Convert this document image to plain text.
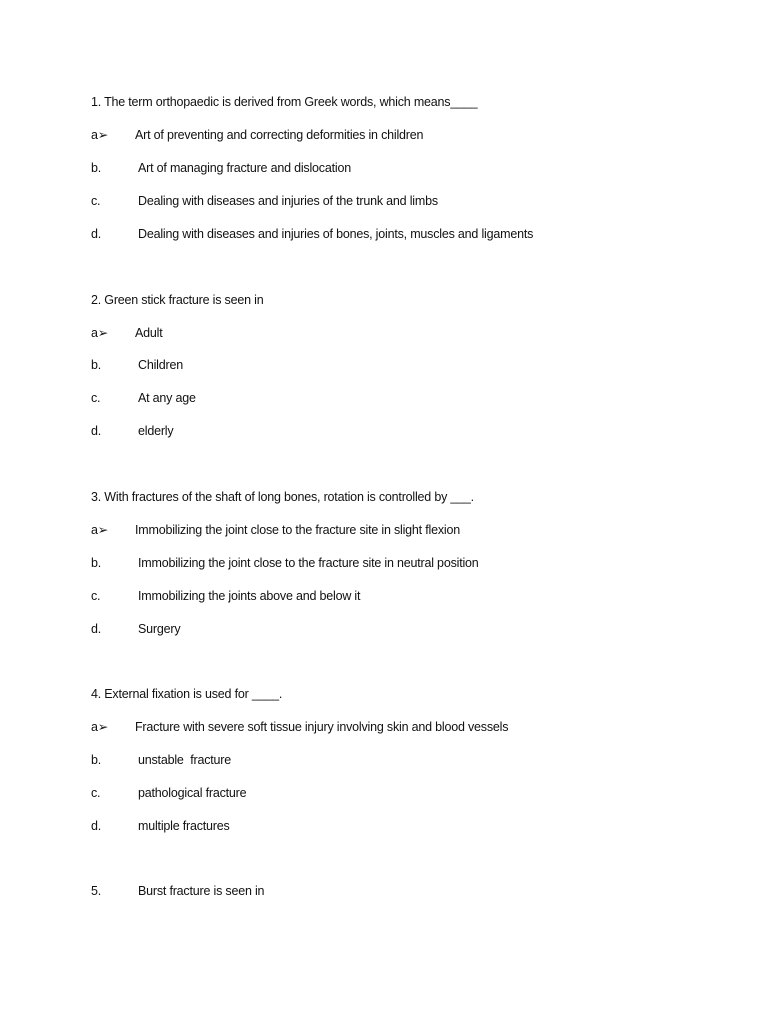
1. The term orthopaedic is derived from Greek words, which means____
a➢ Art of preventing and correcting deformities in children
b.	Art of managing fracture and dislocation
c.	Dealing with diseases and injuries of the trunk and limbs
d.	Dealing with diseases and injuries of bones, joints, muscles and ligaments
2. Green stick fracture is seen in
a➢ Adult
b.	Children
c.	At any age
d.	elderly
3. With fractures of the shaft of long bones, rotation is controlled by ___.
a➢ Immobilizing the joint close to the fracture site in slight flexion
b.	Immobilizing the joint close to the fracture site in neutral position
c.	Immobilizing the joints above and below it
d.	Surgery
4. External fixation is used for ____.
a➢ Fracture with severe soft tissue injury involving skin and blood vessels
b.	unstable  fracture
c.	pathological fracture
d.	multiple fractures
5.	Burst fracture is seen in
